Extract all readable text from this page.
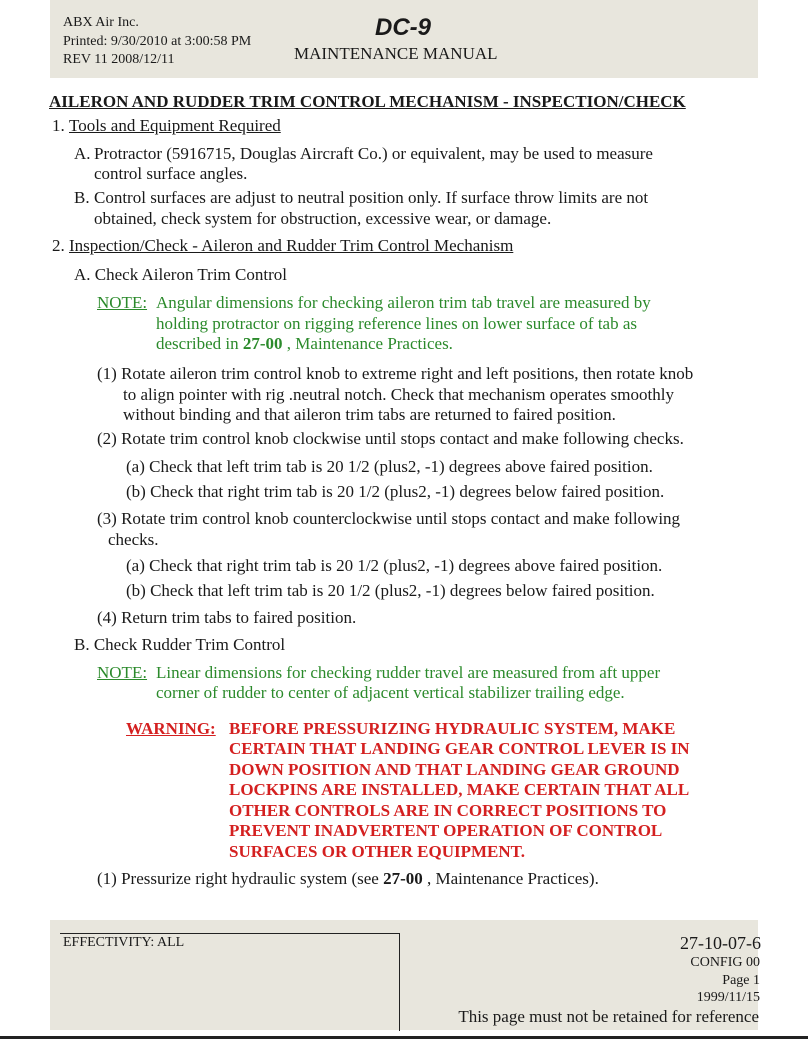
ABX Air Inc.
Printed: 9/30/2010 at 3:00:58 PM
REV 11 2008/12/11
DC-9
MAINTENANCE MANUAL
AILERON AND RUDDER TRIM CONTROL MECHANISM - INSPECTION/CHECK
1. Tools and Equipment Required
A. Protractor (5916715, Douglas Aircraft Co.) or equivalent, may be used to measure
control surface angles.
B. Control surfaces are adjust to neutral position only. If surface throw limits are not
obtained, check system for obstruction, excessive wear, or damage.
2. Inspection/Check - Aileron and Rudder Trim Control Mechanism
A. Check Aileron Trim Control
NOTE: Angular dimensions for checking aileron trim tab travel are measured by
holding protractor on rigging reference lines on lower surface of tab as
described in 27-00 , Maintenance Practices.
(1) Rotate aileron trim control knob to extreme right and left positions, then rotate knob
to align pointer with rig .neutral notch. Check that mechanism operates smoothly
without binding and that aileron trim tabs are returned to faired position.
(2) Rotate trim control knob clockwise until stops contact and make following checks.
(a) Check that left trim tab is 20 1/2 (plus2, -1) degrees above faired position.
(b) Check that right trim tab is 20 1/2 (plus2, -1) degrees below faired position.
(3) Rotate trim control knob counterclockwise until stops contact and make following
checks.
(a) Check that right trim tab is 20 1/2 (plus2, -1) degrees above faired position.
(b) Check that left trim tab is 20 1/2 (plus2, -1) degrees below faired position.
(4) Return trim tabs to faired position.
B. Check Rudder Trim Control
NOTE: Linear dimensions for checking rudder travel are measured from aft upper
corner of rudder to center of adjacent vertical stabilizer trailing edge.
WARNING: BEFORE PRESSURIZING HYDRAULIC SYSTEM, MAKE
CERTAIN THAT LANDING GEAR CONTROL LEVER IS IN
DOWN POSITION AND THAT LANDING GEAR GROUND
LOCKPINS ARE INSTALLED, MAKE CERTAIN THAT ALL
OTHER CONTROLS ARE IN CORRECT POSITIONS TO
PREVENT INADVERTENT OPERATION OF CONTROL
SURFACES OR OTHER EQUIPMENT.
(1) Pressurize right hydraulic system (see 27-00 , Maintenance Practices).
EFFECTIVITY: ALL	27-10-07-6
CONFIG 00
Page 1
1999/11/15
This page must not be retained for reference
